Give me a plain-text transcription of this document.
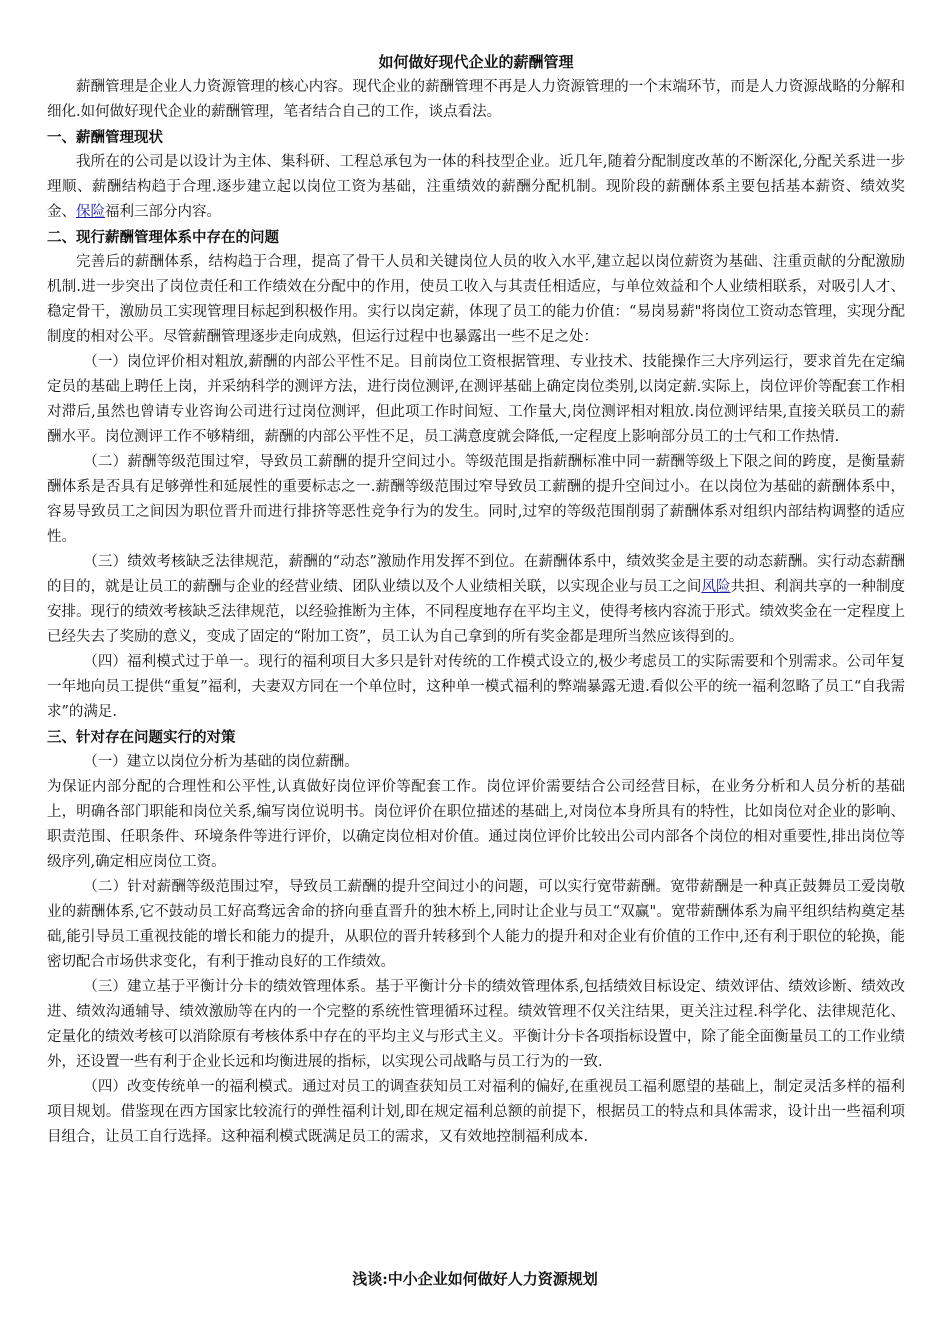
如何做好现代企业的薪酬管理

薪酬管理是企业人力资源管理的核心内容。现代企业的薪酬管理不再是人力资源管理的一个末端环节，而是人力资源战略的分解和细化.如何做好现代企业的薪酬管理，笔者结合自己的工作，谈点看法。

一、薪酬管理现状

我所在的公司是以设计为主体、集科研、工程总承包为一体的科技型企业。近几年,随着分配制度改革的不断深化,分配关系进一步理顺、薪酬结构趋于合理.逐步建立起以岗位工资为基础，注重绩效的薪酬分配机制。现阶段的薪酬体系主要包括基本薪资、绩效奖金、保险福利三部分内容。

二、现行薪酬管理体系中存在的问题

完善后的薪酬体系，结构趋于合理，提高了骨干人员和关键岗位人员的收入水平,建立起以岗位薪资为基础、注重贡献的分配激励机制.进一步突出了岗位责任和工作绩效在分配中的作用，使员工收入与其责任相适应，与单位效益和个人业绩相联系，对吸引人才、稳定骨干，激励员工实现管理目标起到积极作用。实行以岗定薪，体现了员工的能力价值：“易岗易薪"将岗位工资动态管理，实现分配制度的相对公平。尽管薪酬管理逐步走向成熟，但运行过程中也暴露出一些不足之处：

（一）岗位评价相对粗放,薪酬的内部公平性不足。目前岗位工资根据管理、专业技术、技能操作三大序列运行，要求首先在定编定员的基础上聘任上岗，并采纳科学的测评方法，进行岗位测评,在测评基础上确定岗位类别,以岗定薪.实际上，岗位评价等配套工作相对滞后,虽然也曾请专业咨询公司进行过岗位测评，但此项工作时间短、工作量大,岗位测评相对粗放.岗位测评结果,直接关联员工的薪酬水平。岗位测评工作不够精细，薪酬的内部公平性不足，员工满意度就会降低,一定程度上影响部分员工的士气和工作热情.

（二）薪酬等级范围过窄，导致员工薪酬的提升空间过小。等级范围是指薪酬标准中同一薪酬等级上下限之间的跨度，是衡量薪酬体系是否具有足够弹性和延展性的重要标志之一.薪酬等级范围过窄导致员工薪酬的提升空间过小。在以岗位为基础的薪酬体系中，容易导致员工之间因为职位晋升而进行排挤等恶性竞争行为的发生。同时,过窄的等级范围削弱了薪酬体系对组织内部结构调整的适应性。

（三）绩效考核缺乏法律规范，薪酬的“动态”激励作用发挥不到位。在薪酬体系中，绩效奖金是主要的动态薪酬。实行动态薪酬的目的，就是让员工的薪酬与企业的经营业绩、团队业绩以及个人业绩相关联，以实现企业与员工之间风险共担、利润共享的一种制度安排。现行的绩效考核缺乏法律规范，以经验推断为主体，不同程度地存在平均主义，使得考核内容流于形式。绩效奖金在一定程度上已经失去了奖励的意义，变成了固定的“附加工资”，员工认为自己拿到的所有奖金都是理所当然应该得到的。

（四）福利模式过于单一。现行的福利项目大多只是针对传统的工作模式设立的,极少考虑员工的实际需要和个别需求。公司年复一年地向员工提供“重复”福利，夫妻双方同在一个单位时，这种单一模式福利的弊端暴露无遗.看似公平的统一福利忽略了员工“自我需求”的满足.

三、针对存在问题实行的对策

（一）建立以岗位分析为基础的岗位薪酬。

为保证内部分配的合理性和公平性,认真做好岗位评价等配套工作。岗位评价需要结合公司经营目标，在业务分析和人员分析的基础上，明确各部门职能和岗位关系,编写岗位说明书。岗位评价在职位描述的基础上,对岗位本身所具有的特性，比如岗位对企业的影响、职责范围、任职条件、环境条件等进行评价，以确定岗位相对价值。通过岗位评价比较出公司内部各个岗位的相对重要性,排出岗位等级序列,确定相应岗位工资。

（二）针对薪酬等级范围过窄，导致员工薪酬的提升空间过小的问题，可以实行宽带薪酬。宽带薪酬是一种真正鼓舞员工爱岗敬业的薪酬体系,它不鼓动员工好高骛远舍命的挤向垂直晋升的独木桥上,同时让企业与员工“双赢"。宽带薪酬体系为扁平组织结构奠定基础,能引导员工重视技能的增长和能力的提升，从职位的晋升转移到个人能力的提升和对企业有价值的工作中,还有利于职位的轮换，能密切配合市场供求变化，有利于推动良好的工作绩效。

（三）建立基于平衡计分卡的绩效管理体系。基于平衡计分卡的绩效管理体系,包括绩效目标设定、绩效评估、绩效诊断、绩效改进、绩效沟通辅导、绩效激励等在内的一个完整的系统性管理循环过程。绩效管理不仅关注结果，更关注过程.科学化、法律规范化、定量化的绩效考核可以消除原有考核体系中存在的平均主义与形式主义。平衡计分卡各项指标设置中，除了能全面衡量员工的工作业绩外，还设置一些有利于企业长远和均衡进展的指标，以实现公司战略与员工行为的一致.

（四）改变传统单一的福利模式。通过对员工的调查获知员工对福利的偏好,在重视员工福利愿望的基础上，制定灵活多样的福利项目规划。借鉴现在西方国家比较流行的弹性福利计划,即在规定福利总额的前提下，根据员工的特点和具体需求，设计出一些福利项目组合，让员工自行选择。这种福利模式既满足员工的需求，又有效地控制福利成本.

浅谈:中小企业如何做好人力资源规划
